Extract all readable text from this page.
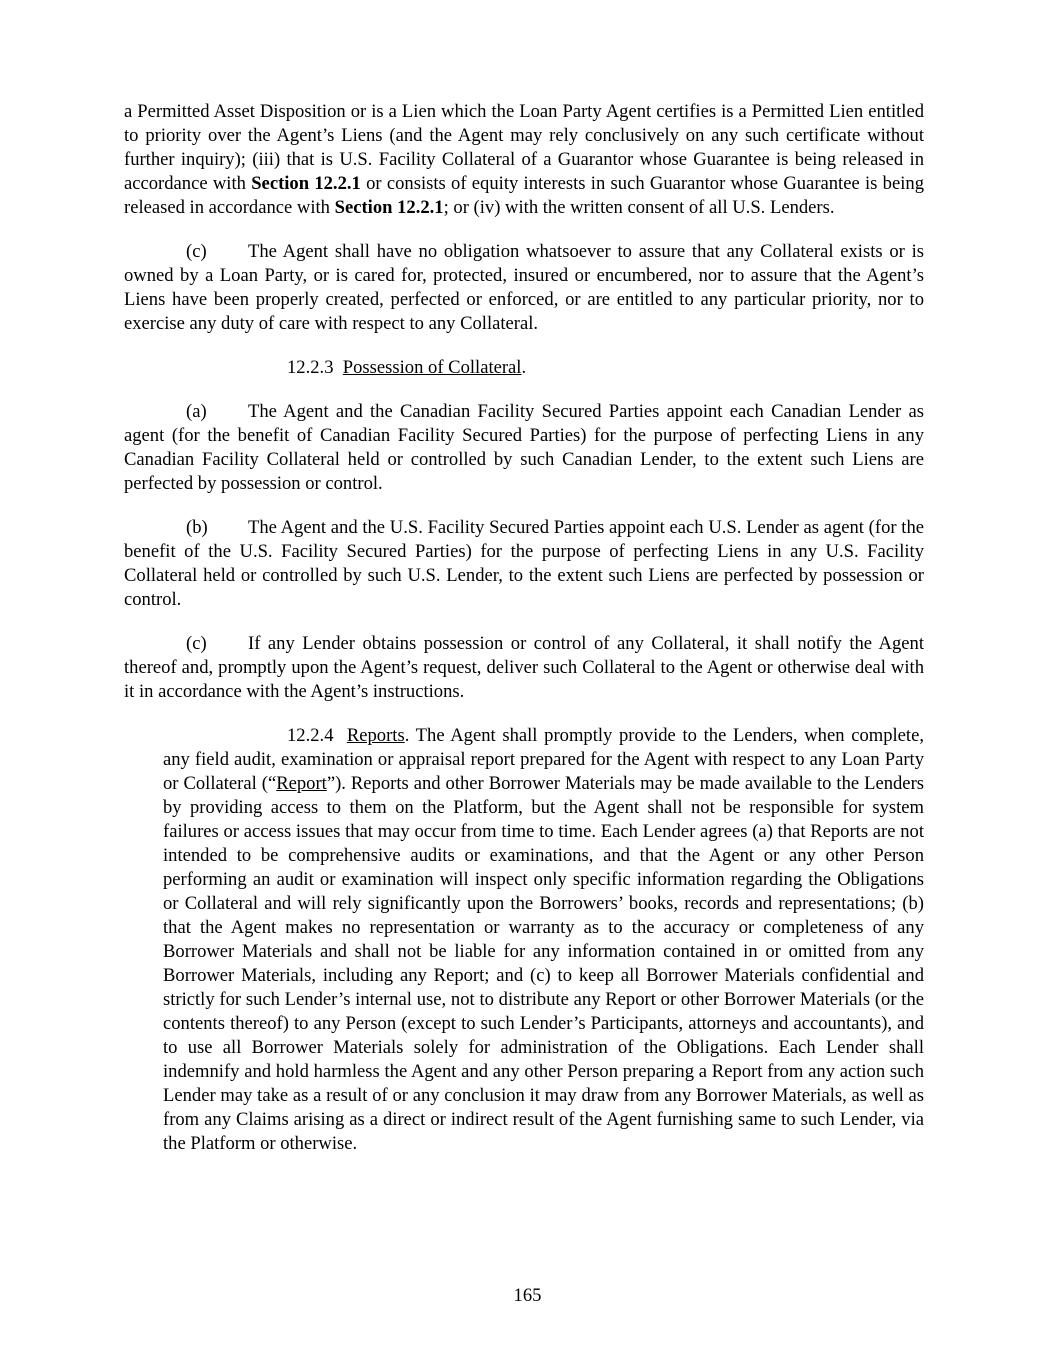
a Permitted Asset Disposition or is a Lien which the Loan Party Agent certifies is a Permitted Lien entitled to priority over the Agent’s Liens (and the Agent may rely conclusively on any such certificate without further inquiry); (iii) that is U.S. Facility Collateral of a Guarantor whose Guarantee is being released in accordance with Section 12.2.1 or consists of equity interests in such Guarantor whose Guarantee is being released in accordance with Section 12.2.1; or (iv) with the written consent of all U.S. Lenders.

(c) The Agent shall have no obligation whatsoever to assure that any Collateral exists or is owned by a Loan Party, or is cared for, protected, insured or encumbered, nor to assure that the Agent’s Liens have been properly created, perfected or enforced, or are entitled to any particular priority, nor to exercise any duty of care with respect to any Collateral.

12.2.3 Possession of Collateral.

(a) The Agent and the Canadian Facility Secured Parties appoint each Canadian Lender as agent (for the benefit of Canadian Facility Secured Parties) for the purpose of perfecting Liens in any Canadian Facility Collateral held or controlled by such Canadian Lender, to the extent such Liens are perfected by possession or control.

(b) The Agent and the U.S. Facility Secured Parties appoint each U.S. Lender as agent (for the benefit of the U.S. Facility Secured Parties) for the purpose of perfecting Liens in any U.S. Facility Collateral held or controlled by such U.S. Lender, to the extent such Liens are perfected by possession or control.

(c) If any Lender obtains possession or control of any Collateral, it shall notify the Agent thereof and, promptly upon the Agent’s request, deliver such Collateral to the Agent or otherwise deal with it in accordance with the Agent’s instructions.

12.2.4 Reports. The Agent shall promptly provide to the Lenders, when complete, any field audit, examination or appraisal report prepared for the Agent with respect to any Loan Party or Collateral (“Report”). Reports and other Borrower Materials may be made available to the Lenders by providing access to them on the Platform, but the Agent shall not be responsible for system failures or access issues that may occur from time to time. Each Lender agrees (a) that Reports are not intended to be comprehensive audits or examinations, and that the Agent or any other Person performing an audit or examination will inspect only specific information regarding the Obligations or Collateral and will rely significantly upon the Borrowers’ books, records and representations; (b) that the Agent makes no representation or warranty as to the accuracy or completeness of any Borrower Materials and shall not be liable for any information contained in or omitted from any Borrower Materials, including any Report; and (c) to keep all Borrower Materials confidential and strictly for such Lender’s internal use, not to distribute any Report or other Borrower Materials (or the contents thereof) to any Person (except to such Lender’s Participants, attorneys and accountants), and to use all Borrower Materials solely for administration of the Obligations. Each Lender shall indemnify and hold harmless the Agent and any other Person preparing a Report from any action such Lender may take as a result of or any conclusion it may draw from any Borrower Materials, as well as from any Claims arising as a direct or indirect result of the Agent furnishing same to such Lender, via the Platform or otherwise.

165
